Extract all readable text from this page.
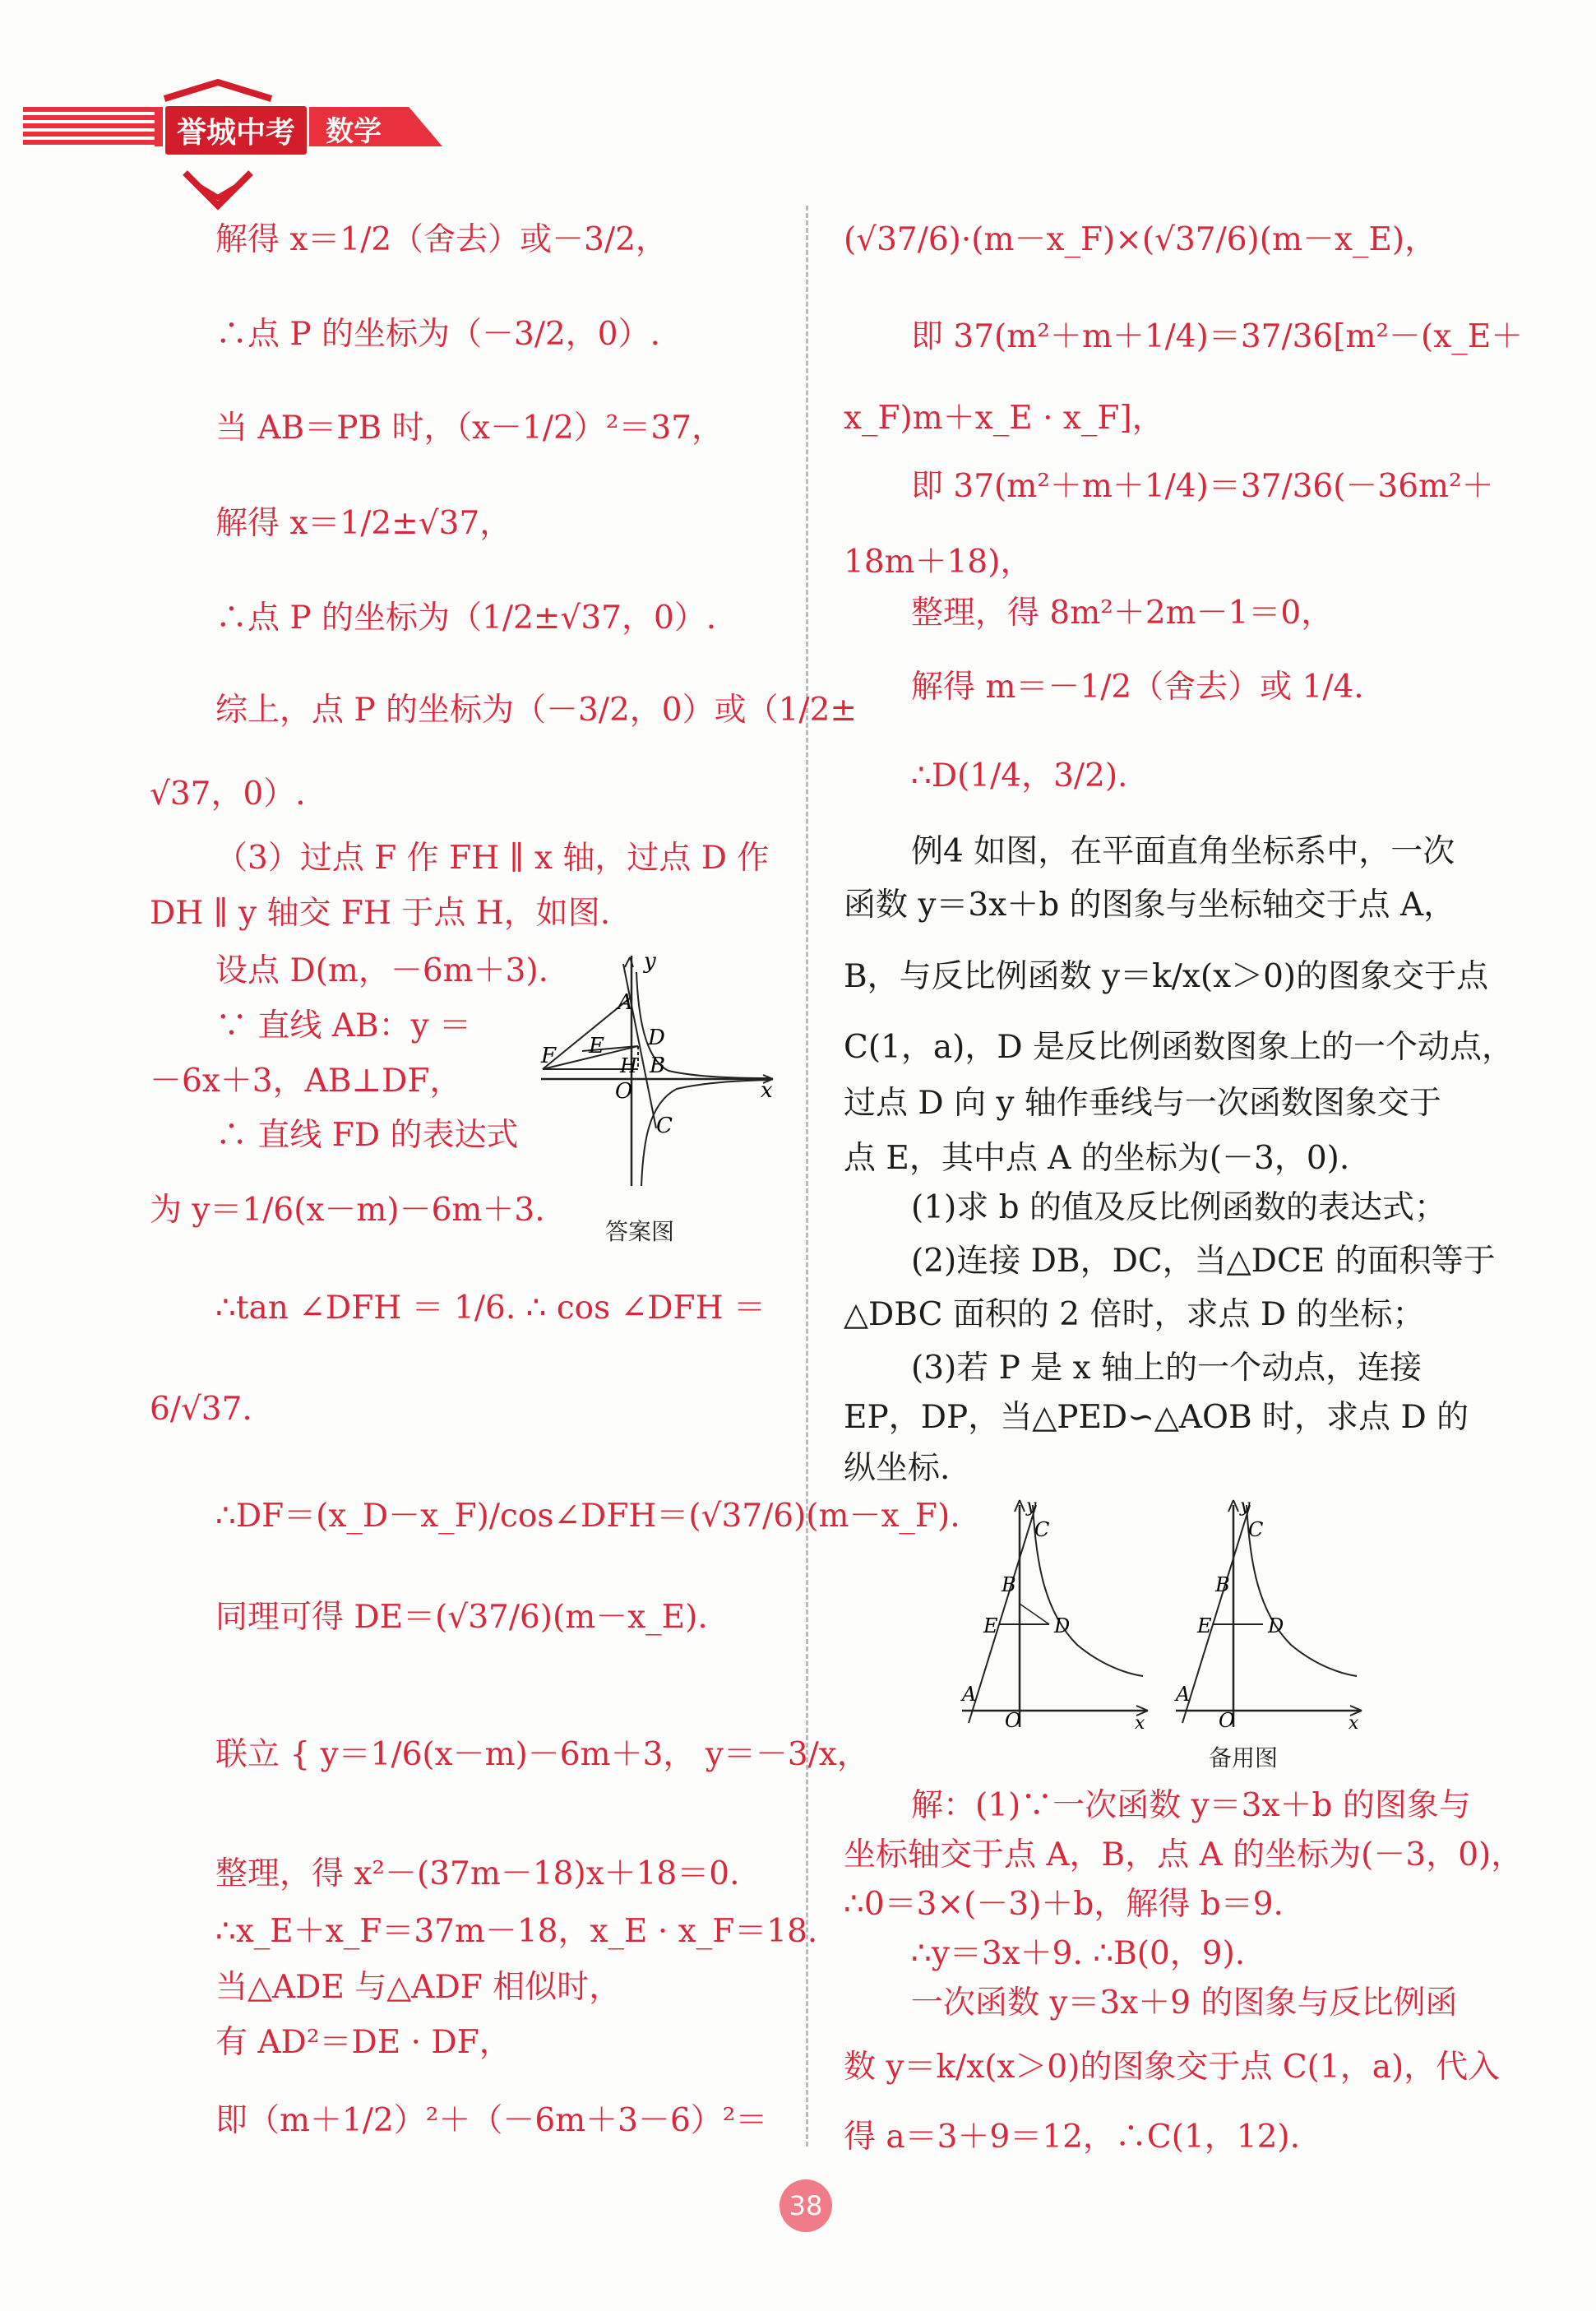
誉城中考	数学
解得 x＝1/2（舍去）或－3/2，
∴点 P 的坐标为（－3/2，0）.
当 AB＝PB 时，（x－1/2）²＝37，
解得 x＝1/2±√37，
∴点 P 的坐标为（1/2±√37，0）.
综上，点 P 的坐标为（－3/2，0）或（1/2±
√37，0）.
（3）过点 F 作 FH ∥ x 轴，过点 D 作
DH ∥ y 轴交 FH 于点 H，如图.
设点 D(m，－6m＋3).
∵ 直线 AB：y ＝
－6x＋3，AB⊥DF，
∴ 直线 FD 的表达式
为 y＝1/6(x－m)－6m＋3.
∴tan ∠DFH ＝ 1/6. ∴ cos ∠DFH ＝
6/√37.
∴DF＝(x_D－x_F)/cos∠DFH＝(√37/6)(m－x_F).
同理可得 DE＝(√37/6)(m－x_E).
联立 { y＝1/6(x－m)－6m＋3， y＝－3/x，
整理，得 x²－(37m－18)x＋18＝0.
∴x_E＋x_F＝37m－18，x_E · x_F＝18.
当△ADE 与△ADF 相似时，
有 AD²＝DE · DF，
即（m＋1/2）²＋（－6m＋3－6）²＝
y
A
D
E
F	H B
O	x
C
答案图
(√37/6)·(m－x_F)×(√37/6)(m－x_E)，
即 37(m²＋m＋1/4)＝37/36[m²－(x_E＋
x_F)m＋x_E · x_F]，
即 37(m²＋m＋1/4)＝37/36(－36m²＋
18m＋18)，
整理，得 8m²＋2m－1＝0，
解得 m＝－1/2（舍去）或 1/4.
∴D(1/4，3/2).
例4 如图，在平面直角坐标系中，一次
函数 y＝3x＋b 的图象与坐标轴交于点 A，
B，与反比例函数 y＝k/x(x＞0)的图象交于点
C(1，a)，D 是反比例函数图象上的一个动点，
过点 D 向 y 轴作垂线与一次函数图象交于
点 E，其中点 A 的坐标为(－3，0).
(1)求 b 的值及反比例函数的表达式；
(2)连接 DB，DC，当△DCE 的面积等于
△DBC 面积的 2 倍时，求点 D 的坐标；
(3)若 P 是 x 轴上的一个动点，连接
EP，DP，当△PED∽△AOB 时，求点 D 的
纵坐标.
C
B
E	D
A
O	x
y
C
B
E	D
A
O	x
y
备用图
解：(1)∵一次函数 y＝3x＋b 的图象与
坐标轴交于点 A，B，点 A 的坐标为(－3，0)，
∴0＝3×(－3)＋b，解得 b＝9.
∴y＝3x＋9. ∴B(0，9).
一次函数 y＝3x＋9 的图象与反比例函
数 y＝k/x(x＞0)的图象交于点 C(1，a)，代入
得 a＝3＋9＝12，∴C(1，12).
38
